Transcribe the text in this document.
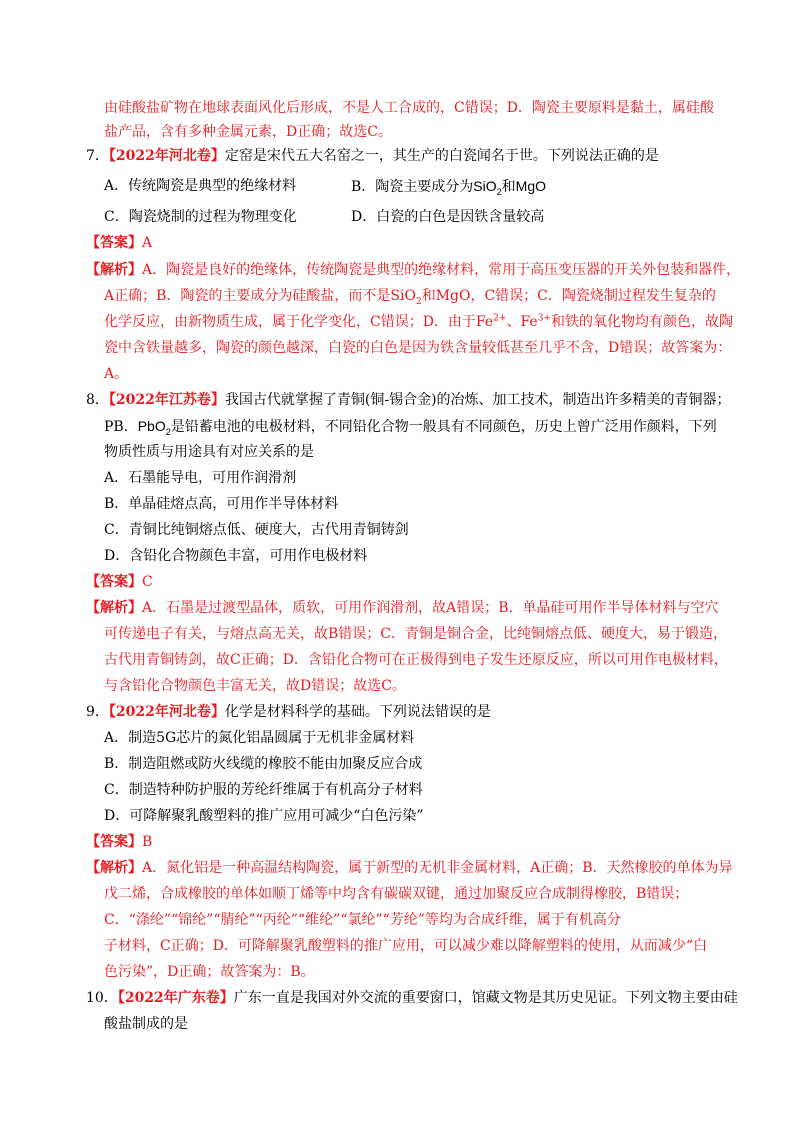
由硅酸盐矿物在地球表面风化后形成，不是人工合成的，C错误；D．陶瓷主要原料是黏土，属硅酸
盐产品，含有多种金属元素，D正确；故选C。
7．【2022年河北卷】定窑是宋代五大名窑之一，其生产的白瓷闻名于世。下列说法正确的是
A．传统陶瓷是典型的绝缘材料	B．陶瓷主要成分为SiO$_2$和MgO
C．陶瓷烧制的过程为物理变化	D．白瓷的白色是因铁含量较高
【答案】A
【解析】A．陶瓷是良好的绝缘体，传统陶瓷是典型的绝缘材料，常用于高压变压器的开关外包装和器件，
A正确；B．陶瓷的主要成分为硅酸盐，而不是SiO$_2$和MgO，C错误；C．陶瓷烧制过程发生复杂的
化学反应，由新物质生成，属于化学变化，C错误；D．由于$Fe^{2+}$、$Fe^{3+}$和铁的氧化物均有颜色，故陶
瓷中含铁量越多，陶瓷的颜色越深，白瓷的白色是因为铁含量较低甚至几乎不含，D错误；故答案为：
A。
8．【2022年江苏卷】我国古代就掌握了青铜(铜-锡合金)的冶炼、加工技术，制造出许多精美的青铜器；
PB．PbO$_2$是铅蓄电池的电极材料，不同铅化合物一般具有不同颜色，历史上曾广泛用作颜料，下列
物质性质与用途具有对应关系的是
A．石墨能导电，可用作润滑剂
B．单晶硅熔点高，可用作半导体材料
C．青铜比纯铜熔点低、硬度大，古代用青铜铸剑
D．含铅化合物颜色丰富，可用作电极材料
【答案】C
【解析】A．石墨是过渡型晶体，质软，可用作润滑剂，故A错误；B．单晶硅可用作半导体材料与空穴
可传递电子有关，与熔点高无关，故B错误；C．青铜是铜合金，比纯铜熔点低、硬度大，易于锻造，
古代用青铜铸剑，故C正确；D．含铅化合物可在正极得到电子发生还原反应，所以可用作电极材料，
与含铅化合物颜色丰富无关，故D错误；故选C。
9．【2022年河北卷】化学是材料科学的基础。下列说法错误的是
A．制造5G芯片的氮化铝晶圆属于无机非金属材料
B．制造阻燃或防火线缆的橡胶不能由加聚反应合成
C．制造特种防护服的芳纶纤维属于有机高分子材料
D．可降解聚乳酸塑料的推广应用可减少“白色污染”
【答案】B
【解析】A．氮化铝是一种高温结构陶瓷，属于新型的无机非金属材料，A正确；B．天然橡胶的单体为异
戊二烯，合成橡胶的单体如顺丁烯等中均含有碳碳双键，通过加聚反应合成制得橡胶，B错误；
C．“涤纶”“锦纶”“腈纶”“丙纶”“维纶”“氯纶”“芳纶”等均为合成纤维，属于有机高分
子材料，C正确；D．可降解聚乳酸塑料的推广应用，可以减少难以降解塑料的使用，从而减少“白
色污染”，D正确；故答案为：B。
10．【2022年广东卷】广东一直是我国对外交流的重要窗口，馆藏文物是其历史见证。下列文物主要由硅
酸盐制成的是
